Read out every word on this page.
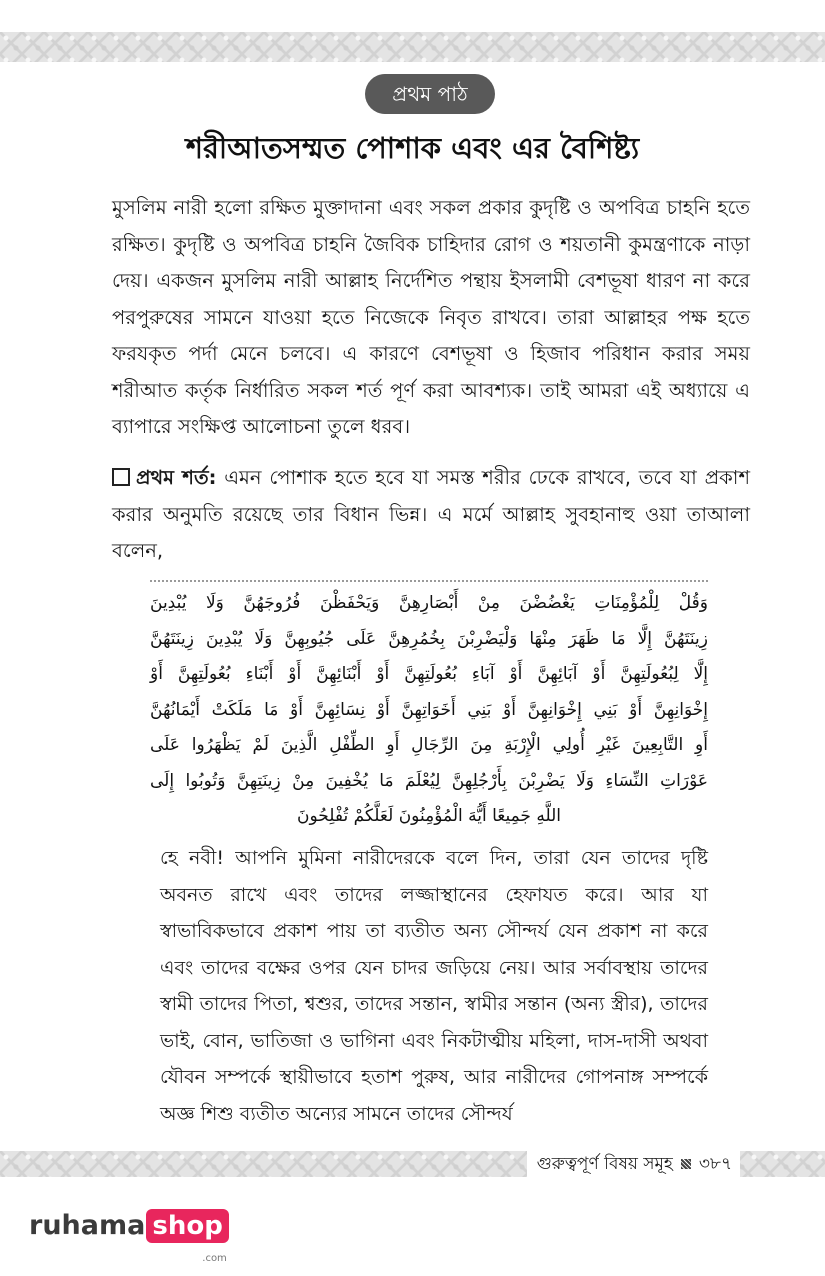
প্রথম পাঠ
শরীআতসম্মত পোশাক এবং এর বৈশিষ্ট্য

মুসলিম নারী হলো রক্ষিত মুক্তাদানা এবং সকল প্রকার কুদৃষ্টি ও অপবিত্র চাহনি হতে রক্ষিত। কুদৃষ্টি ও অপবিত্র চাহনি জৈবিক চাহিদার রোগ ও শয়তানী কুমন্ত্রণাকে নাড়া দেয়। একজন মুসলিম নারী আল্লাহ নির্দেশিত পন্থায় ইসলামী বেশভূষা ধারণ না করে পরপুরুষের সামনে যাওয়া হতে নিজেকে নিবৃত রাখবে। তারা আল্লাহর পক্ষ হতে ফরযকৃত পর্দা মেনে চলবে। এ কারণে বেশভূষা ও হিজাব পরিধান করার সময় শরীআত কর্তৃক নির্ধারিত সকল শর্ত পূর্ণ করা আবশ্যক। তাই আমরা এই অধ্যায়ে এ ব্যাপারে সংক্ষিপ্ত আলোচনা তুলে ধরব।

প্রথম শর্ত: এমন পোশাক হতে হবে যা সমস্ত শরীর ঢেকে রাখবে, তবে যা প্রকাশ করার অনুমতি রয়েছে তার বিধান ভিন্ন। এ মর্মে আল্লাহ সুবহানাহু ওয়া তাআলা বলেন,

وَقُلْ لِلْمُؤْمِنَاتِ يَغْضُضْنَ مِنْ أَبْصَارِهِنَّ وَيَحْفَظْنَ فُرُوجَهُنَّ وَلَا يُبْدِينَ
زِينَتَهُنَّ إِلَّا مَا ظَهَرَ مِنْهَا وَلْيَضْرِبْنَ بِخُمُرِهِنَّ عَلَى جُيُوبِهِنَّ وَلَا يُبْدِينَ زِينَتَهُنَّ
إِلَّا لِبُعُولَتِهِنَّ أَوْ آبَائِهِنَّ أَوْ آبَاءِ بُعُولَتِهِنَّ أَوْ أَبْنَائِهِنَّ أَوْ أَبْنَاءِ بُعُولَتِهِنَّ أَوْ
إِخْوَانِهِنَّ أَوْ بَنِي إِخْوَانِهِنَّ أَوْ بَنِي أَخَوَاتِهِنَّ أَوْ نِسَائِهِنَّ أَوْ مَا مَلَكَتْ أَيْمَانُهُنَّ
أَوِ التَّابِعِينَ غَيْرِ أُولِي الْإِرْبَةِ مِنَ الرِّجَالِ أَوِ الطِّفْلِ الَّذِينَ لَمْ يَظْهَرُوا عَلَى
عَوْرَاتِ النِّسَاءِ وَلَا يَضْرِبْنَ بِأَرْجُلِهِنَّ لِيُعْلَمَ مَا يُخْفِينَ مِنْ زِينَتِهِنَّ وَتُوبُوا إِلَى
اللَّهِ جَمِيعًا أَيُّهَ الْمُؤْمِنُونَ لَعَلَّكُمْ تُفْلِحُونَ

হে নবী! আপনি মুমিনা নারীদেরকে বলে দিন, তারা যেন তাদের দৃষ্টি অবনত রাখে এবং তাদের লজ্জাস্থানের হেফাযত করে। আর যা স্বাভাবিকভাবে প্রকাশ পায় তা ব্যতীত অন্য সৌন্দর্য যেন প্রকাশ না করে এবং তাদের বক্ষের ওপর যেন চাদর জড়িয়ে নেয়। আর সর্বাবস্থায় তাদের স্বামী তাদের পিতা, শ্বশুর, তাদের সন্তান, স্বামীর সন্তান (অন্য স্ত্রীর), তাদের ভাই, বোন, ভাতিজা ও ভাগিনা এবং নিকটাত্মীয় মহিলা, দাস-দাসী অথবা যৌবন সম্পর্কে স্থায়ীভাবে হতাশ পুরুষ, আর নারীদের গোপনাঙ্গ সম্পর্কে অজ্ঞ শিশু ব্যতীত অন্যের সামনে তাদের সৌন্দর্য

গুরুত্বপূর্ণ বিষয় সমূহ ৩৮৭
ruhama shop
.com
